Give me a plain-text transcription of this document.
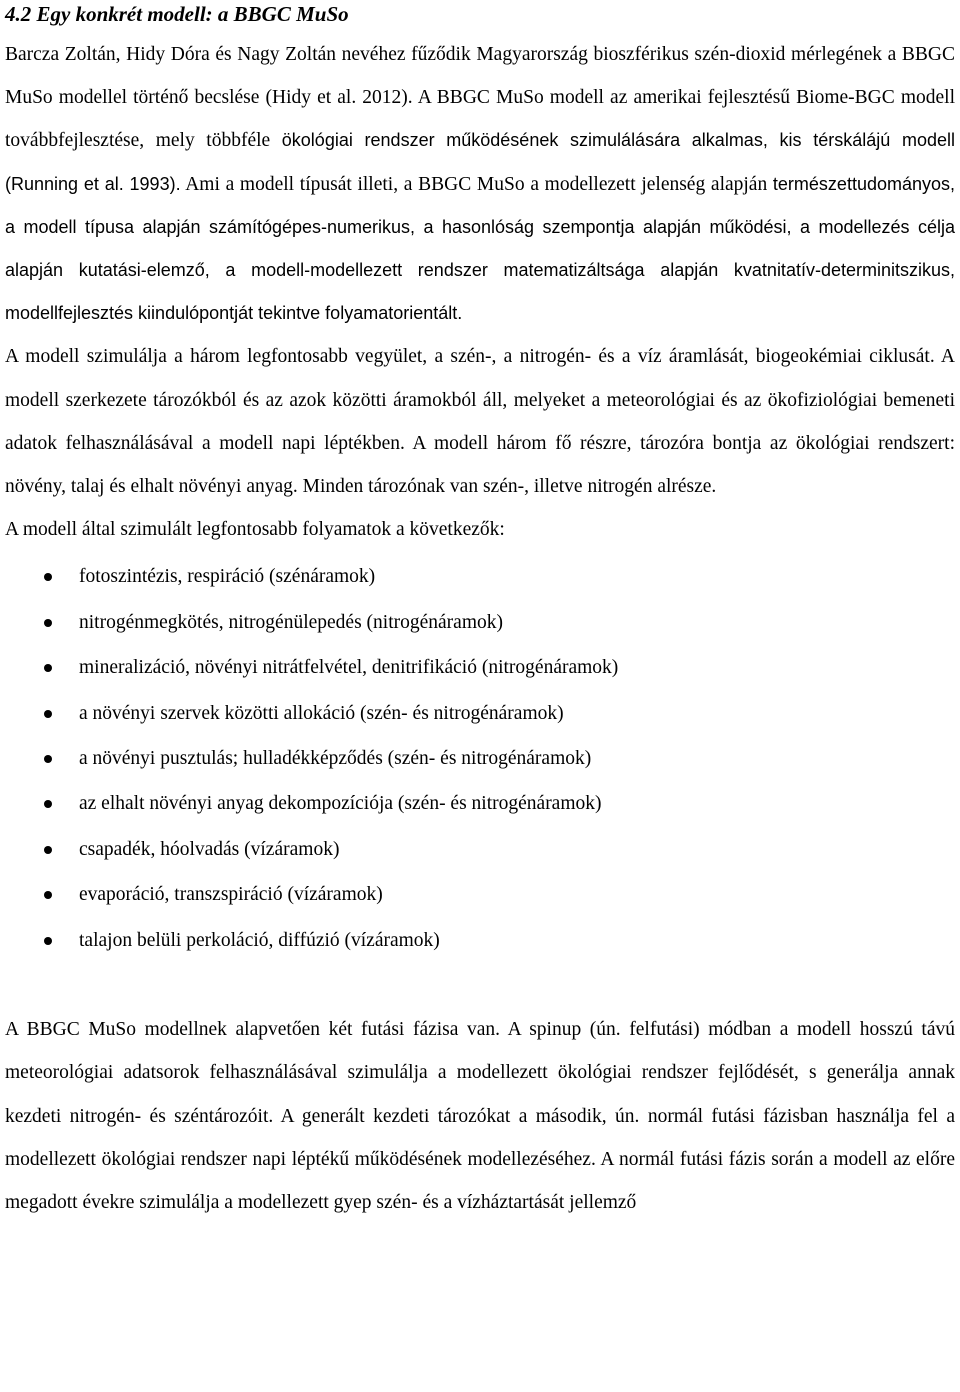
4.2 Egy konkrét modell: a BBGC MuSo

Barcza Zoltán, Hidy Dóra és Nagy Zoltán nevéhez fűződik Magyarország bioszférikus szén-dioxid mérlegének a BBGC MuSo modellel történő becslése (Hidy et al. 2012). A BBGC MuSo modell az amerikai fejlesztésű Biome-BGC modell továbbfejlesztése, mely többféle ökológiai rendszer működésének szimulálására alkalmas, kis térskálájú modell (Running et al. 1993). Ami a modell típusát illeti, a BBGC MuSo a modellezett jelenség alapján természettudományos, a modell típusa alapján számítógépes-numerikus, a hasonlóság szempontja alapján működési, a modellezés célja alapján kutatási-elemző, a modell-modellezett rendszer matematizáltsága alapján kvatnitatív-determinitszikus, modellfejlesztés kiindulópontját tekintve folyamatorientált.

A modell szimulálja a három legfontosabb vegyület, a szén-, a nitrogén- és a víz áramlását, biogeokémiai ciklusát. A modell szerkezete tározókból és az azok közötti áramokból áll, melyeket a meteorológiai és az ökofiziológiai bemeneti adatok felhasználásával a modell napi léptékben. A modell három fő részre, tározóra bontja az ökológiai rendszert: növény, talaj és elhalt növényi anyag. Minden tározónak van szén-, illetve nitrogén alrésze.

A modell által szimulált legfontosabb folyamatok a következők:

fotoszintézis, respiráció (szénáramok)
nitrogénmegkötés, nitrogénülepedés (nitrogénáramok)
mineralizáció, növényi nitrátfelvétel, denitrifikáció (nitrogénáramok)
a növényi szervek közötti allokáció (szén- és nitrogénáramok)
a növényi pusztulás; hulladékképződés (szén- és nitrogénáramok)
az elhalt növényi anyag dekompozíciója (szén- és nitrogénáramok)
csapadék, hóolvadás (vízáramok)
evaporáció, transzspiráció (vízáramok)
talajon belüli perkoláció, diffúzió (vízáramok)

A BBGC MuSo modellnek alapvetően két futási fázisa van. A spinup (ún. felfutási) módban a modell hosszú távú meteorológiai adatsorok felhasználásával szimulálja a modellezett ökológiai rendszer fejlődését, s generálja annak kezdeti nitrogén- és széntározóit. A generált kezdeti tározókat a második, ún. normál futási fázisban használja fel a modellezett ökológiai rendszer napi léptékű működésének modellezéséhez. A normál futási fázis során a modell az előre megadott évekre szimulálja a modellezett gyep szén- és a vízháztartását jellemző
